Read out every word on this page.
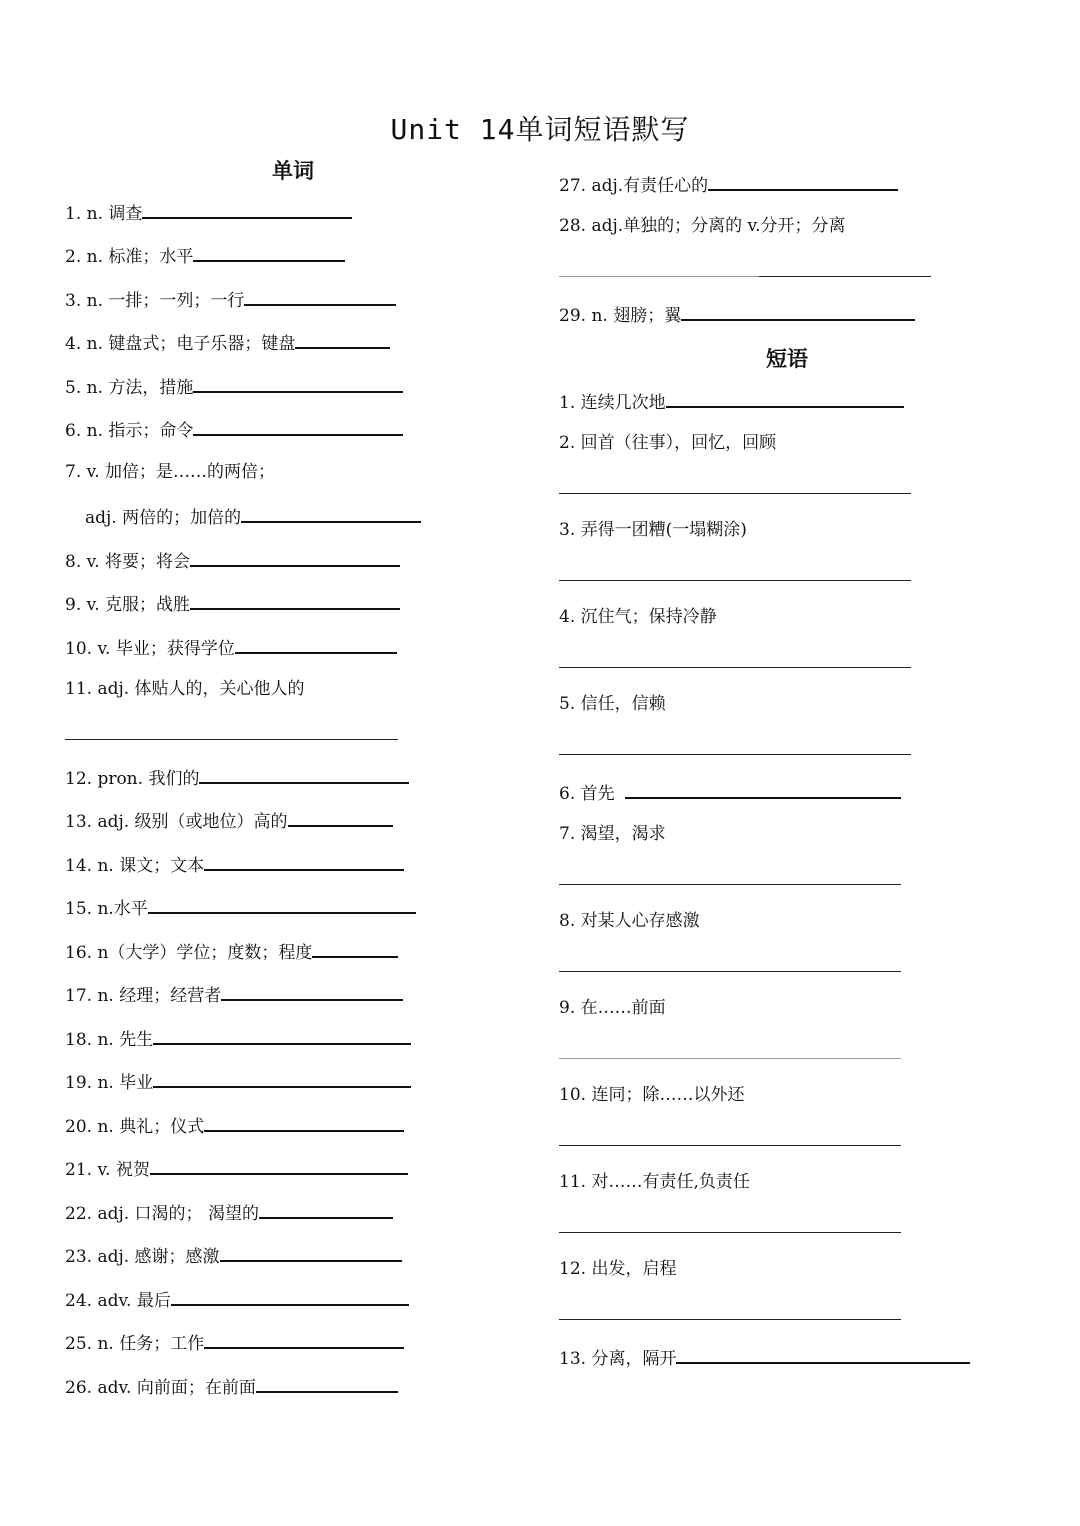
Unit 14单词短语默写
单词
短语
1. n. 调查
2. n. 标准；水平
3. n. 一排；一列；一行
4. n. 键盘式；电子乐器；键盘
5. n. 方法，措施
6. n. 指示；命令
7. v. 加倍；是……的两倍；
adj. 两倍的；加倍的
8. v. 将要；将会
9. v. 克服；战胜
10. v. 毕业；获得学位
11. adj. 体贴人的，关心他人的
12. pron. 我们的
13. adj. 级别（或地位）高的
14. n. 课文；文本
15. n.水平
16. n（大学）学位；度数；程度
17. n. 经理；经营者
18. n. 先生
19. n. 毕业
20. n. 典礼；仪式
21. v. 祝贺
22. adj. 口渴的； 渴望的
23. adj. 感谢；感激
24. adv. 最后
25. n. 任务；工作
26. adv. 向前面；在前面
27. adj.有责任心的
28. adj.单独的；分离的 v.分开；分离
29. n. 翅膀；翼
1. 连续几次地
2. 回首（往事），回忆，回顾
3. 弄得一团糟(一塌糊涂)
4. 沉住气；保持冷静
5. 信任，信赖
6. 首先
7. 渴望，渴求
8. 对某人心存感激
9. 在……前面
10. 连同；除……以外还
11. 对……有责任,负责任
12. 出发，启程
13. 分离，隔开
